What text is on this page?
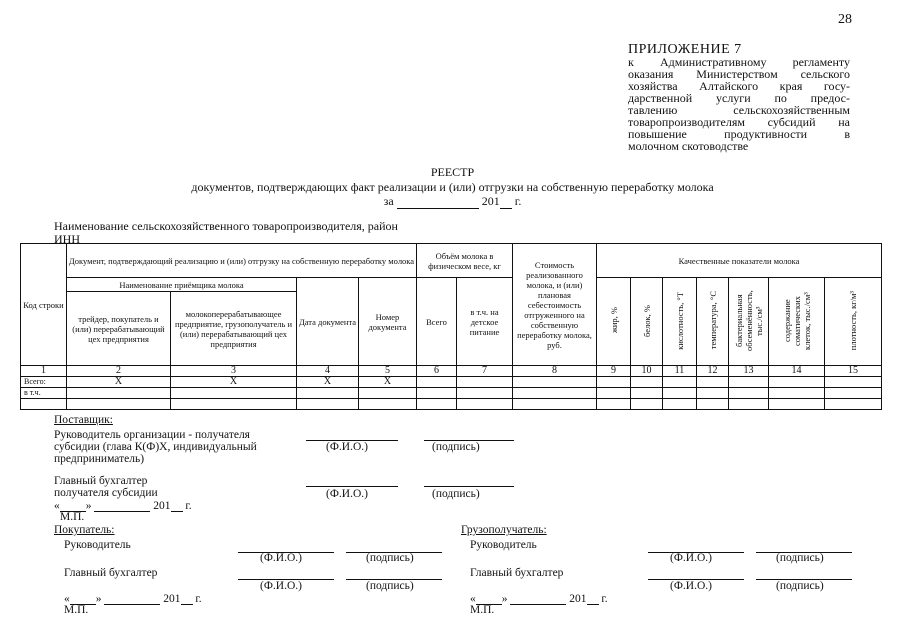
28
ПРИЛОЖЕНИЕ 7
к Административному регламенту
оказания Министерством сельского
хозяйства Алтайского края госу-
дарственной услуги по предос-
тавлению сельскохозяйственным
товаропроизводителям субсидий на
повышение продуктивности в
молочном скотоводстве
РЕЕСТР
документов, подтверждающих факт реализации и (или) отгрузки на собственную переработку молока
за	201 г.
Наименование сельскохозяйственного товаропроизводителя, район
ИНН
Код строки	Документ, подтверждающий реализацию и (или) отгрузку на собственную переработку молока				Объём молока в физическом весе, кг		Стоимость реализованного молока, и (или) плановая себестоимость отгруженного на собственную переработку молока, руб.	Качественные показатели молока						
	Наименование приёмщика молока		Дата документа	Номер документа	Всего	в т.ч. на детское питание		жир, %	белок, %	кислотность, °Т	температура, °С	бактериальная обсеменённость, тыс./см³	содержание соматических клеток, тыс./см³	плотность, кг/м³
	трейдер, покупатель и (или) перерабатывающий цех предприятия	молокоперерабатывающее предприятие, грузополучатель и (или) перерабатывающий цех предприятия												
1	2	3	4	5	6	7	8	9	10	11	12	13	14	15
Всего:	Х	Х	Х	Х										
в т.ч.														

Поставщик:
Руководитель организации - получателя субсидии (глава К(Ф)Х, индивидуальный предприниматель)
(Ф.И.О.)	(подпись)
Главный бухгалтер получателя субсидии	(Ф.И.О.)	(подпись)
« »	201 г.
М.П.
Покупатель:
Руководитель
(Ф.И.О.)	(подпись)
Главный бухгалтер
(Ф.И.О.)	(подпись)
« »	201 г.
М.П.
Грузополучатель:
Руководитель
(Ф.И.О.)	(подпись)
Главный бухгалтер
(Ф.И.О.)	(подпись)
« »	201 г.
М.П.
